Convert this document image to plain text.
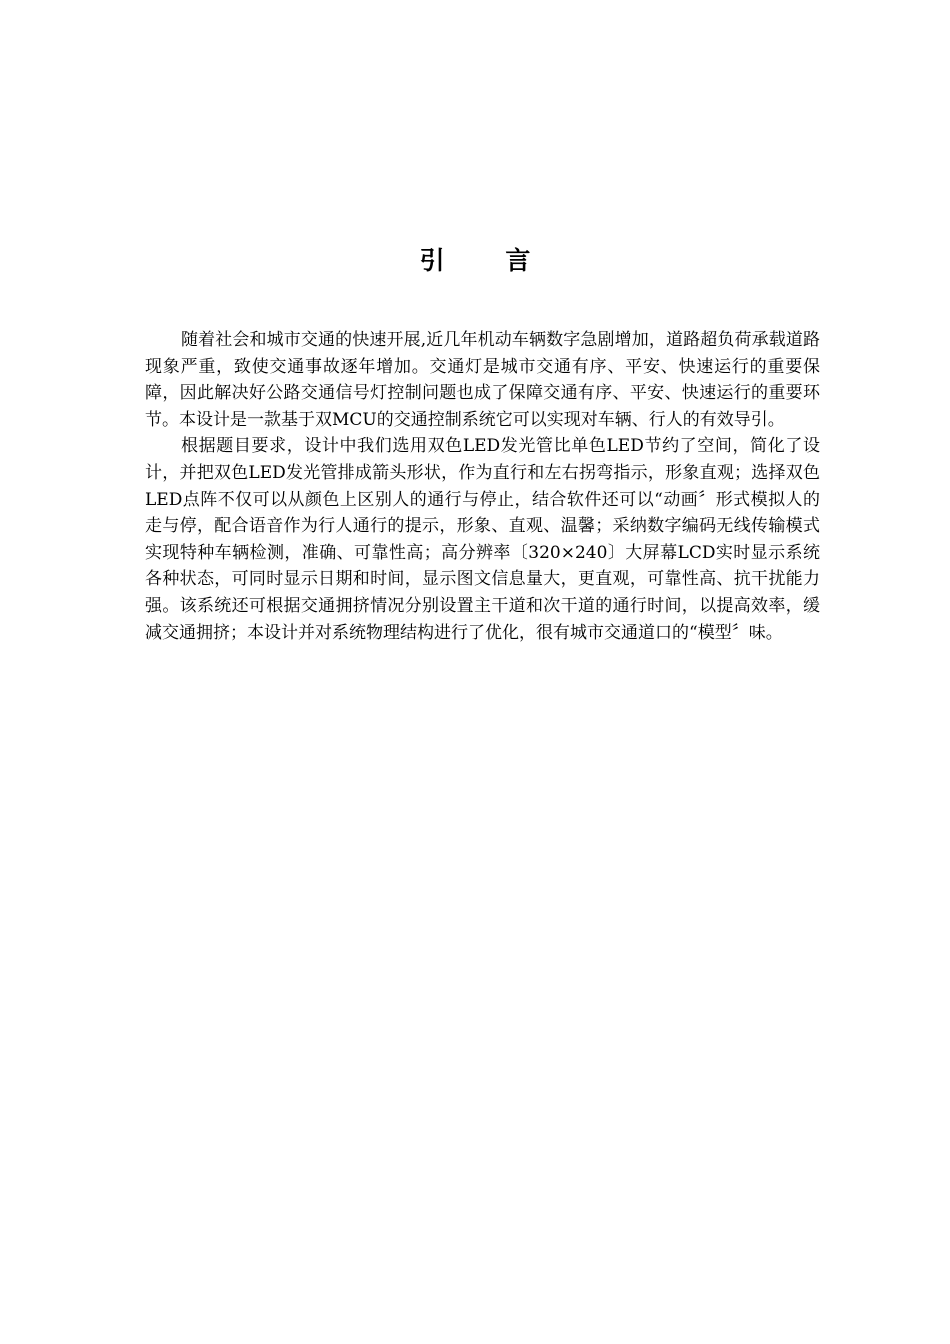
引 言

随着社会和城市交通的快速开展,近几年机动车辆数字急剧增加，道路超负荷承载道路现象严重，致使交通事故逐年增加。交通灯是城市交通有序、平安、快速运行的重要保障，因此解决好公路交通信号灯控制问题也成了保障交通有序、平安、快速运行的重要环节。本设计是一款基于双MCU的交通控制系统它可以实现对车辆、行人的有效导引。

根据题目要求，设计中我们选用双色LED发光管比单色LED节约了空间，简化了设计，并把双色LED发光管排成箭头形状，作为直行和左右拐弯指示，形象直观；选择双色LED点阵不仅可以从颜色上区别人的通行与停止，结合软件还可以“动画〞形式模拟人的走与停，配合语音作为行人通行的提示，形象、直观、温馨；采纳数字编码无线传输模式实现特种车辆检测，准确、可靠性高；高分辨率〔320×240〕大屏幕LCD实时显示系统各种状态，可同时显示日期和时间，显示图文信息量大，更直观，可靠性高、抗干扰能力强。该系统还可根据交通拥挤情况分别设置主干道和次干道的通行时间，以提高效率，缓减交通拥挤；本设计并对系统物理结构进行了优化，很有城市交通道口的“模型〞味。
